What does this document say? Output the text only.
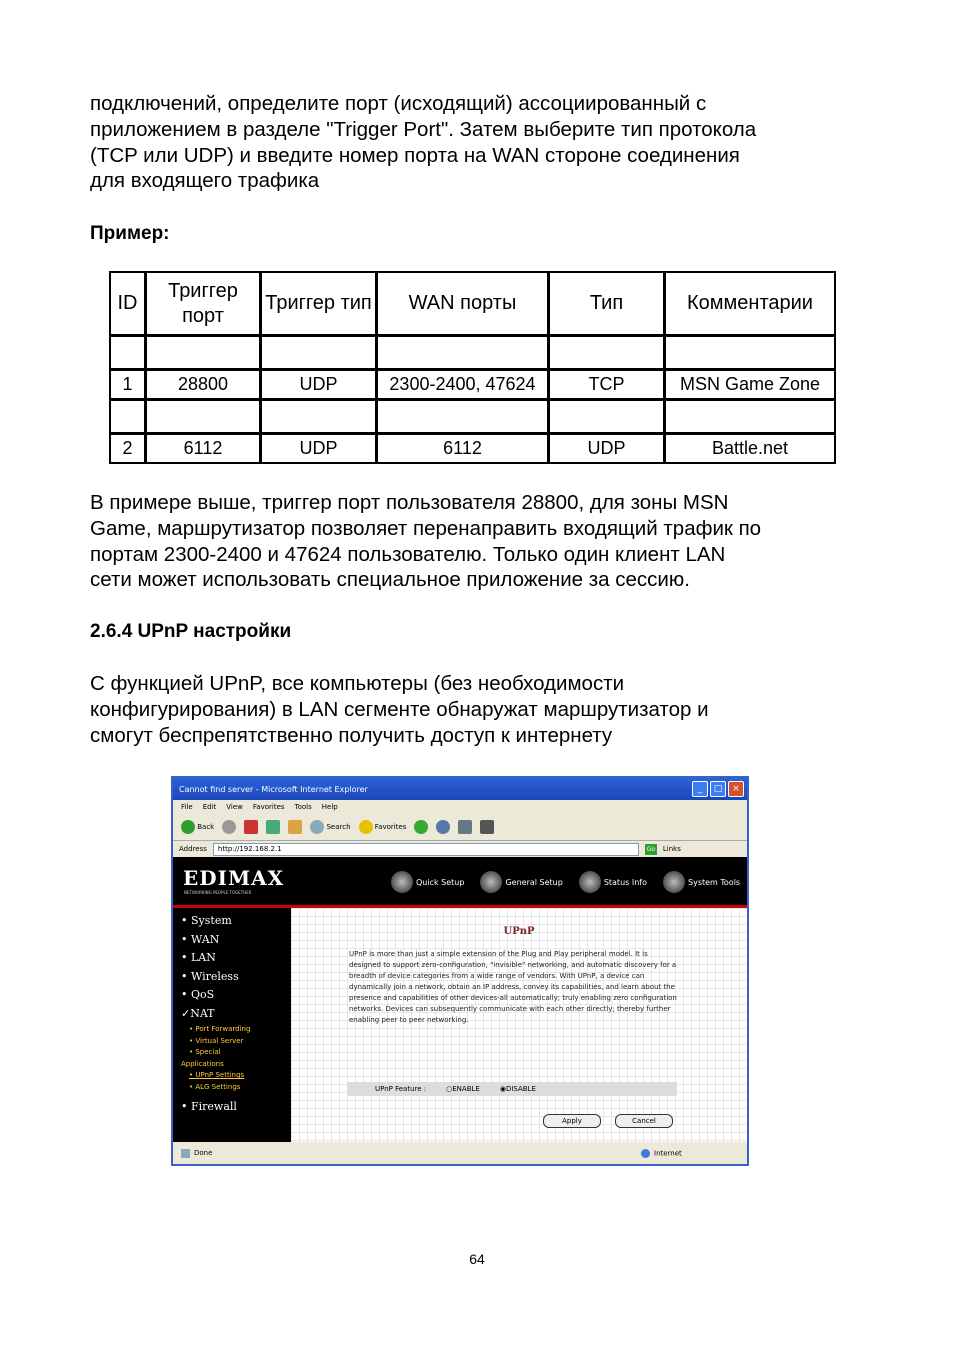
подключений, определите порт (исходящий) ассоциированный с
приложением в разделе "Trigger Port". Затем выберите тип протокола
(TCP или UDP) и введите номер порта на WAN стороне соединения
для входящего трафика

Пример:

ID	Триггер порт	Триггер тип	WAN порты	Тип	Комментарии

1	28800	UDP	2300-2400, 47624	TCP	MSN Game Zone

2	6112	UDP	6112	UDP	Battle.net
В примере выше, триггер порт пользователя 28800, для зоны MSN
Game, маршрутизатор позволяет перенаправить входящий трафик по
портам 2300-2400 и 47624 пользователю. Только один клиент LAN
сети может использовать специальное приложение за сессию.

2.6.4 UPnP настройки

С функцией UPnP, все компьютеры (без необходимости
конфигурирования) в LAN сегменте обнаружат маршрутизатор и
смогут беспрепятственно получить доступ к интернету
Cannot find server - Microsoft Internet Explorer	_	□	×
File Edit View Favorites Tools Help
Back	Search	Favorites
Address	http://192.168.2.1	Go Links
EDIMAX
NETWORKING PEOPLE TOGETHER
Quick Setup	General Setup	Status Info	System Tools
• System
• WAN
• LAN
• Wireless
• QoS
✓NAT
• Port Forwarding
• Virtual Server
• Special
Applications
• UPnP Settings
• ALG Settings
• Firewall
UPnP
UPnP is more than just a simple extension of the Plug and Play peripheral model. It is designed to support zero-configuration, "invisible" networking, and automatic discovery for a breadth of device categories from a wide range of vendors. With UPnP, a device can dynamically join a network, obtain an IP address, convey its capabilities, and learn about the presence and capabilities of other devices-all automatically; truly enabling zero configuration networks. Devices can subsequently communicate with each other directly; thereby further enabling peer to peer networking.
UPnP Feature :	○ENABLE	◉DISABLE
Apply	Cancel
Done	Internet
64
